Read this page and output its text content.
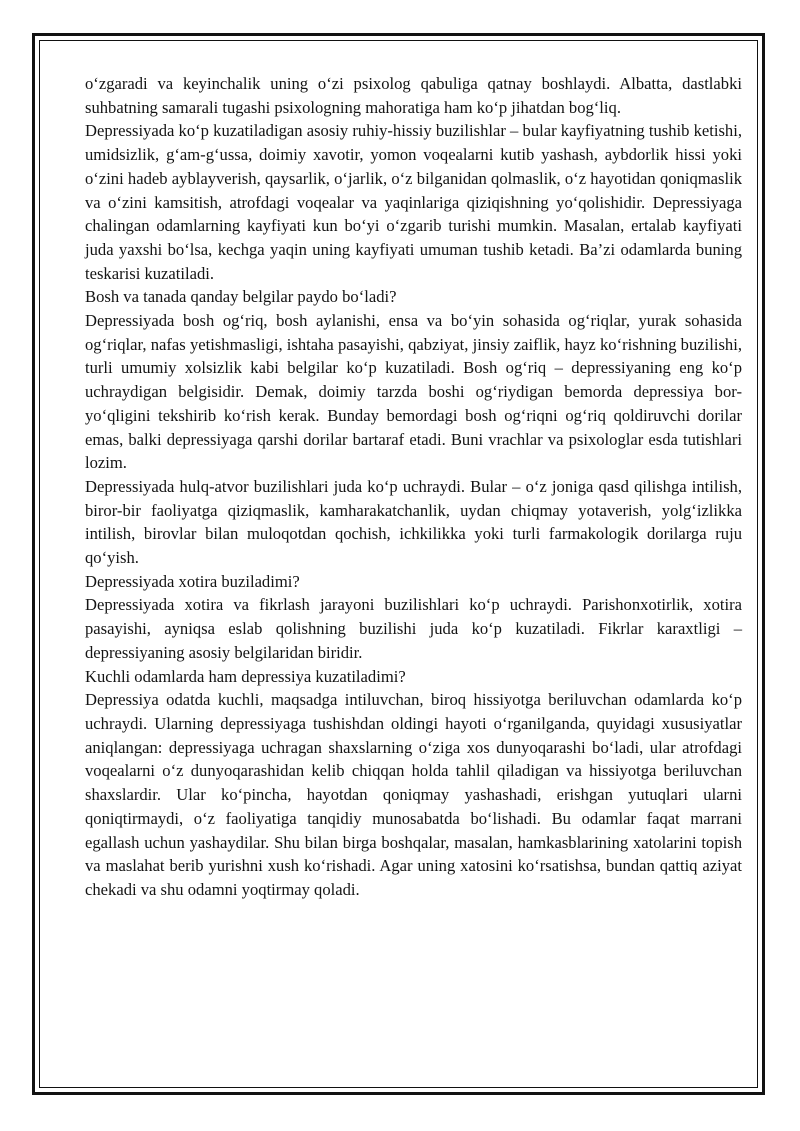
o‘zgaradi va keyinchalik uning o‘zi psixolog qabuliga qatnay boshlaydi. Albatta, dastlabki suhbatning samarali tugashi psixologning mahoratiga ham ko‘p jihatdan bog‘liq.

Depressiyada ko‘p kuzatiladigan asosiy ruhiy-hissiy buzilishlar – bular kayfiyatning tushib ketishi, umidsizlik, g‘am-g‘ussa, doimiy xavotir, yomon voqealarni kutib yashash, aybdorlik hissi yoki o‘zini hadeb ayblayverish, qaysarlik, o‘jarlik, o‘z bilganidan qolmaslik, o‘z hayotidan qoniqmaslik va o‘zini kamsitish, atrofdagi voqealar va yaqinlariga qiziqishning yo‘qolishidir. Depressiyaga chalingan odamlarning kayfiyati kun bo‘yi o‘zgarib turishi mumkin. Masalan, ertalab kayfiyati juda yaxshi bo‘lsa, kechga yaqin uning kayfiyati umuman tushib ketadi. Ba’zi odamlarda buning teskarisi kuzatiladi.

Bosh va tanada qanday belgilar paydo bo‘ladi?

Depressiyada bosh og‘riq, bosh aylanishi, ensa va bo‘yin sohasida og‘riqlar, yurak sohasida og‘riqlar, nafas yetishmasligi, ishtaha pasayishi, qabziyat, jinsiy zaiflik, hayz ko‘rishning buzilishi, turli umumiy xolsizlik kabi belgilar ko‘p kuzatiladi. Bosh og‘riq – depressiyaning eng ko‘p uchraydigan belgisidir. Demak, doimiy tarzda boshi og‘riydigan bemorda depressiya bor-yo‘qligini tekshirib ko‘rish kerak. Bunday bemordagi bosh og‘riqni og‘riq qoldiruvchi dorilar emas, balki depressiyaga qarshi dorilar bartaraf etadi. Buni vrachlar va psixologlar esda tutishlari lozim.

Depressiyada hulq-atvor buzilishlari juda ko‘p uchraydi. Bular – o‘z joniga qasd qilishga intilish, biror-bir faoliyatga qiziqmaslik, kamharakatchanlik, uydan chiqmay yotaverish, yolg‘izlikka intilish, birovlar bilan muloqotdan qochish, ichkilikka yoki turli farmakologik dorilarga ruju qo‘yish.

Depressiyada xotira buziladimi?

Depressiyada xotira va fikrlash jarayoni buzilishlari ko‘p uchraydi. Parishonxotirlik, xotira pasayishi, ayniqsa eslab qolishning buzilishi juda ko‘p kuzatiladi. Fikrlar karaxtligi – depressiyaning asosiy belgilaridan biridir.

Kuchli odamlarda ham depressiya kuzatiladimi?

Depressiya odatda kuchli, maqsadga intiluvchan, biroq hissiyotga beriluvchan odamlarda ko‘p uchraydi. Ularning depressiyaga tushishdan oldingi hayoti o‘rganilganda, quyidagi xususiyatlar aniqlangan: depressiyaga uchragan shaxslarning o‘ziga xos dunyoqarashi bo‘ladi, ular atrofdagi voqealarni o‘z dunyoqarashidan kelib chiqqan holda tahlil qiladigan va hissiyotga beriluvchan shaxslardir. Ular ko‘pincha, hayotdan qoniqmay yashashadi, erishgan yutuqlari ularni qoniqtirmaydi, o‘z faoliyatiga tanqidiy munosabatda bo‘lishadi. Bu odamlar faqat marrani egallash uchun yashaydilar. Shu bilan birga boshqalar, masalan, hamkasblarining xatolarini topish va maslahat berib yurishni xush ko‘rishadi. Agar uning xatosini ko‘rsatishsa, bundan qattiq aziyat chekadi va shu odamni yoqtirmay qoladi.
